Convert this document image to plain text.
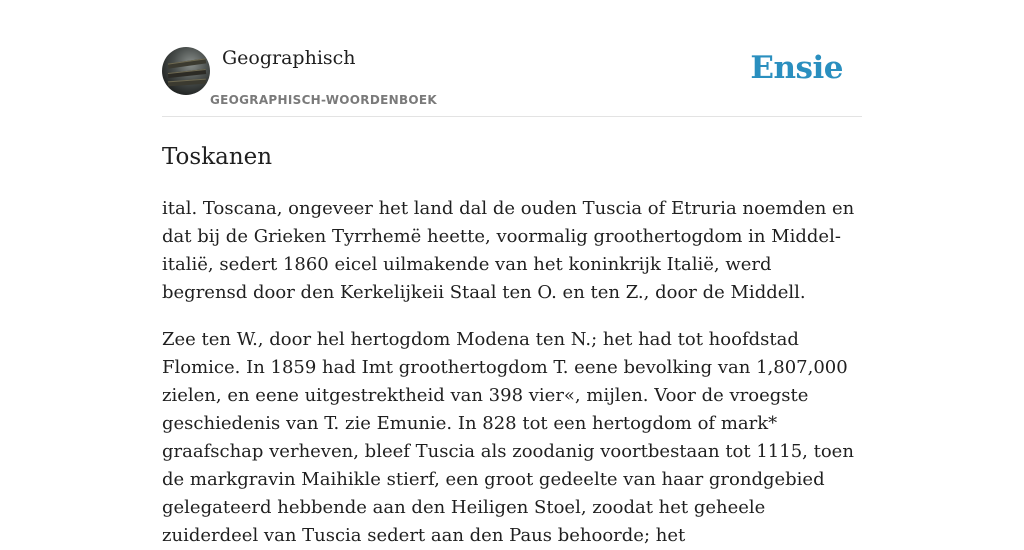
Geographisch
GEOGRAPHISCH-WOORDENBOEK
Ensie
Toskanen

ital. Toscana, ongeveer het land dal de ouden Tuscia of Etruria noemden en dat bij de Grieken Tyrrhemë heette, voormalig groothertogdom in Middel-italië, sedert 1860 eicel uilmakende van het koninkrijk Italië, werd begrensd door den Kerkelijkeii Staal ten O. en ten Z., door de Middell.

Zee ten W., door hel hertogdom Modena ten N.; het had tot hoofdstad Flomice. In 1859 had Imt groothertogdom T. eene bevolking van 1,807,000 zielen, en eene uitgestrektheid van 398 vier«, mijlen. Voor de vroegste geschiedenis van T. zie Emunie. In 828 tot een hertogdom of mark* graafschap verheven, bleef Tuscia als zoodanig voortbestaan tot 1115, toen de markgravin Maihikle stierf, een groot gedeelte van haar grondgebied gelegateerd hebbende aan den Heiligen Stoel, zoodat het geheele zuiderdeel van Tuscia sedert aan den Paus behoorde; het
